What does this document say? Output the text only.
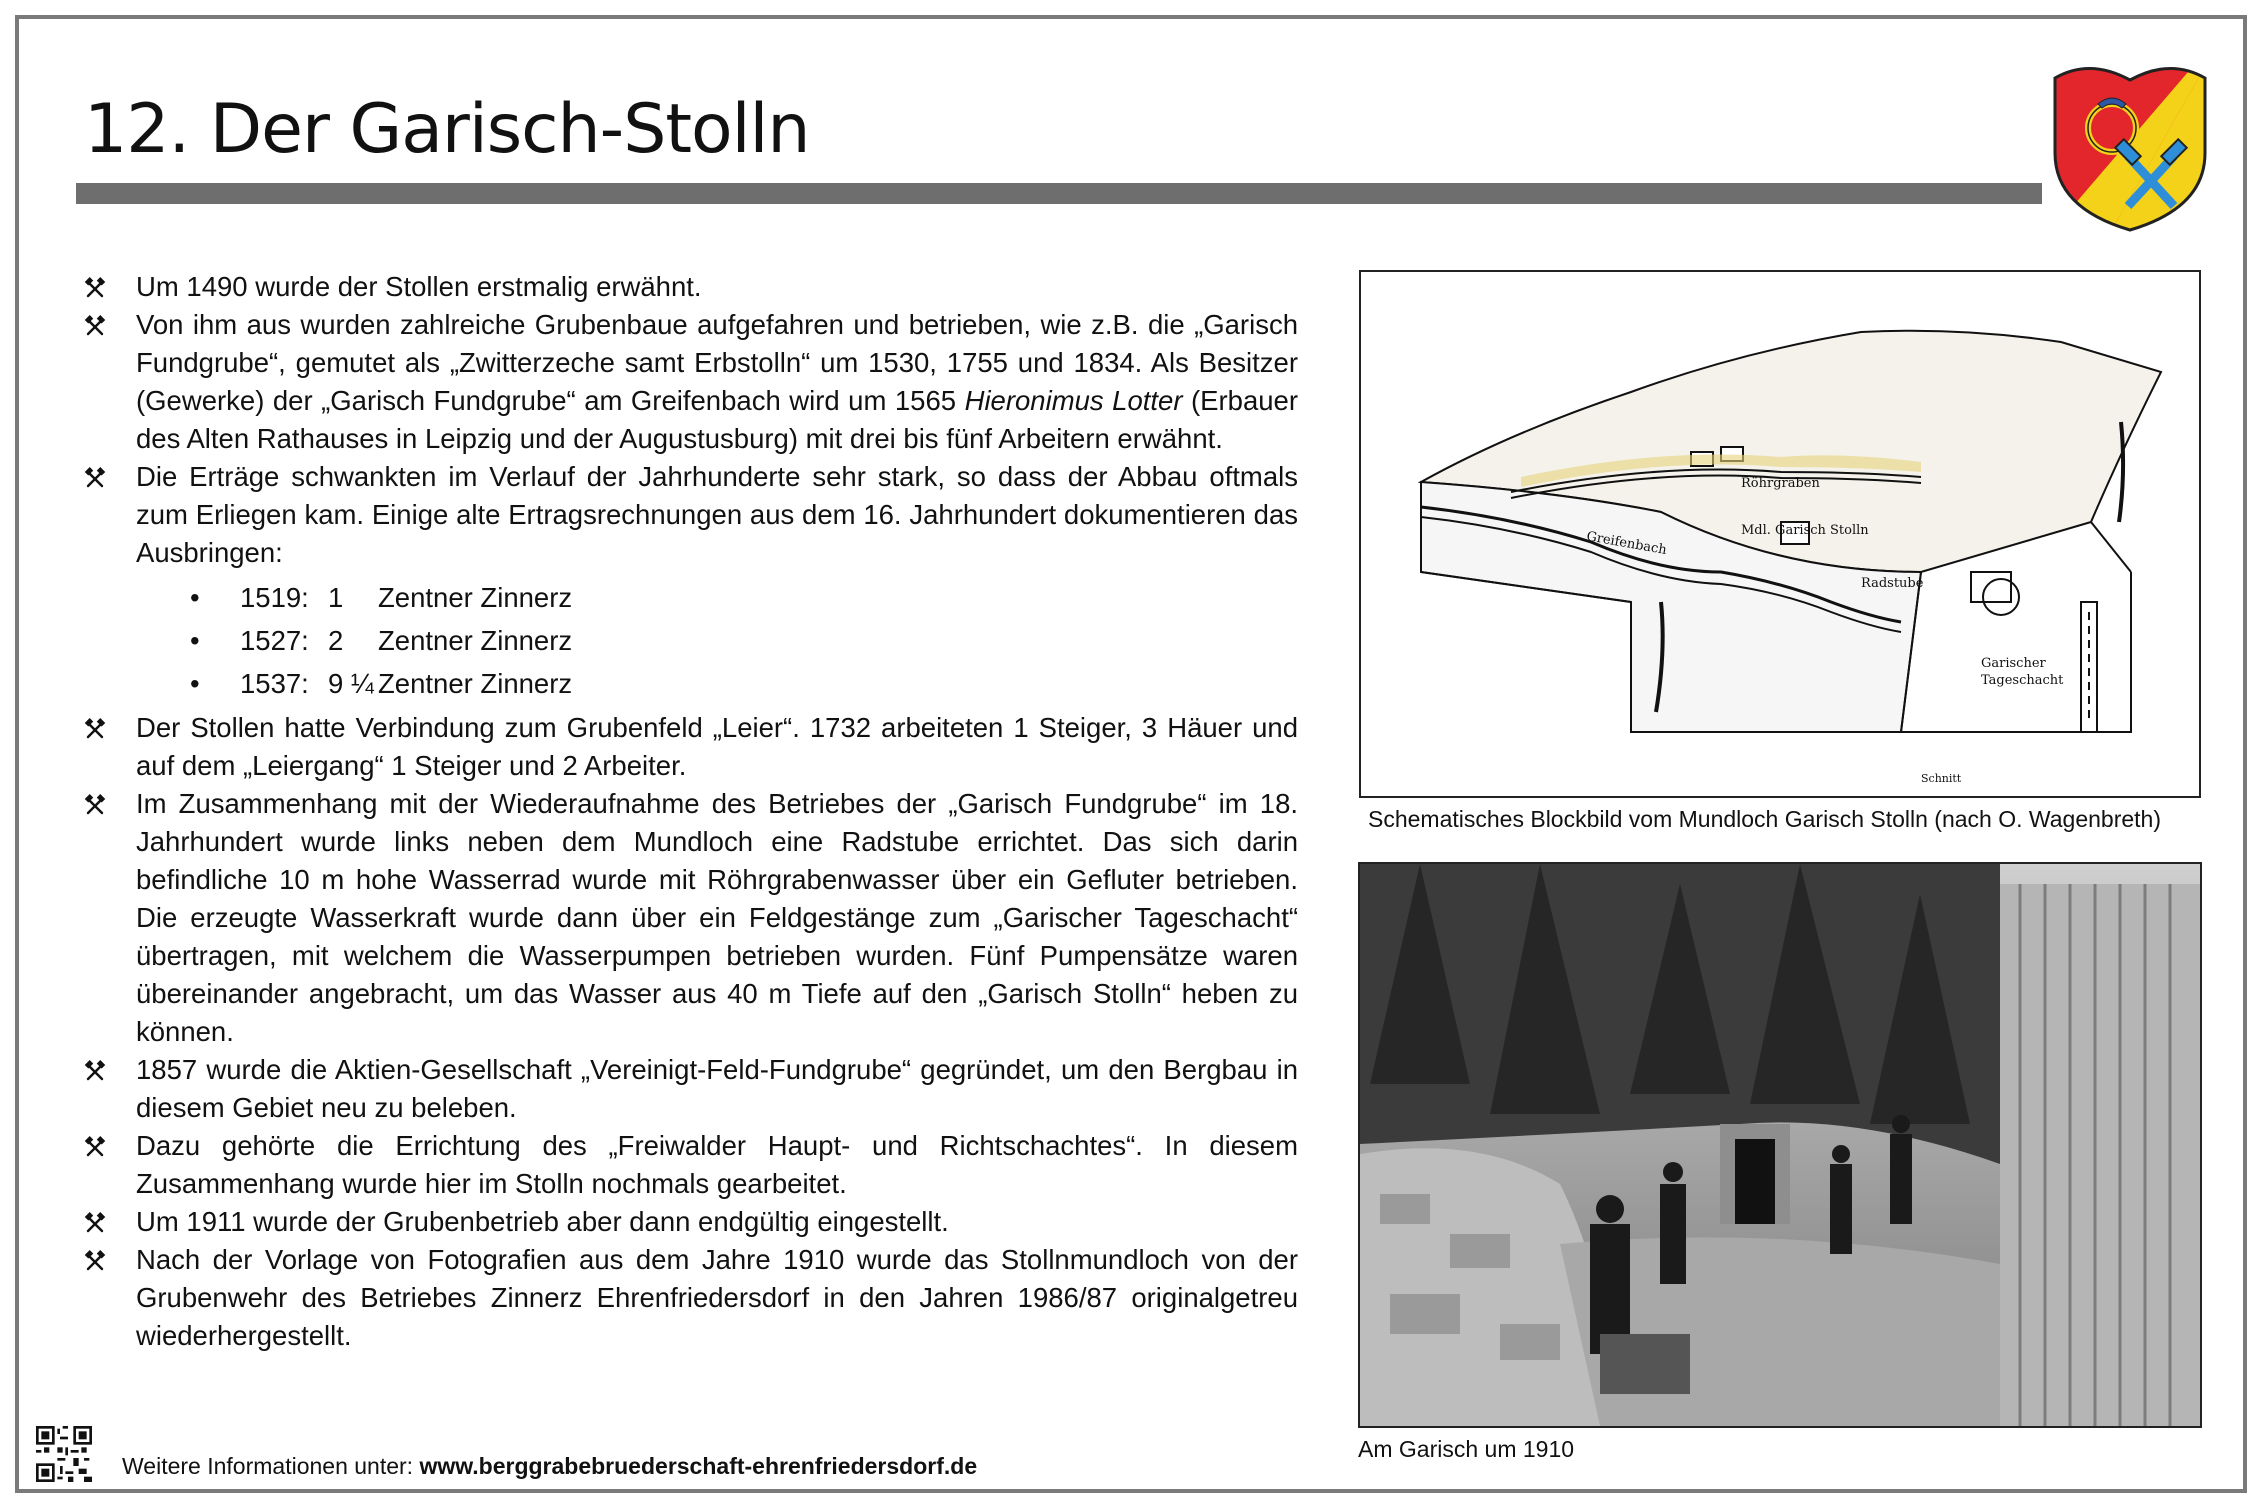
12. Der Garisch-Stolln
Um 1490 wurde der Stollen erstmalig erwähnt.
Von ihm aus wurden zahlreiche Grubenbaue aufgefahren und betrieben, wie z.B. die „Garisch Fundgrube“, gemutet als „Zwitterzeche samt Erbstolln“ um 1530, 1755 und 1834. Als Besitzer (Gewerke) der „Garisch Fundgrube“ am Greifenbach wird um 1565 Hieronimus Lotter (Erbauer des Alten Rathauses in Leipzig und der Augustusburg) mit drei bis fünf Arbeitern erwähnt.
Die Erträge schwankten im Verlauf der Jahrhunderte sehr stark, so dass der Abbau oftmals zum Erliegen kam. Einige alte Ertragsrechnungen aus dem 16. Jahrhundert dokumentieren das Ausbringen:
• 1519: 1 Zentner Zinnerz
• 1527: 2 Zentner Zinnerz
• 1537: 9 ¼ Zentner Zinnerz
Der Stollen hatte Verbindung zum Grubenfeld „Leier“. 1732 arbeiteten 1 Steiger, 3 Häuer und auf dem „Leiergang“ 1 Steiger und 2 Arbeiter.
Im Zusammenhang mit der Wiederaufnahme des Betriebes der „Garisch Fundgrube“ im 18. Jahrhundert wurde links neben dem Mundloch eine Radstube errichtet. Das sich darin befindliche 10 m hohe Wasserrad wurde mit Röhrgrabenwasser über ein Gefluter betrieben. Die erzeugte Wasserkraft wurde dann über ein Feldgestänge zum „Garischer Tageschacht“ übertragen, mit welchem die Wasserpumpen betrieben wurden. Fünf Pumpensätze waren übereinander angebracht, um das Wasser aus 40 m Tiefe auf den „Garisch Stolln“ heben zu können.
1857 wurde die Aktien-Gesellschaft „Vereinigt-Feld-Fundgrube“ gegründet, um den Bergbau in diesem Gebiet neu zu beleben.
Dazu gehörte die Errichtung des „Freiwalder Haupt- und Richtschachtes“. In diesem Zusammenhang wurde hier im Stolln nochmals gearbeitet.
Um 1911 wurde der Grubenbetrieb aber dann endgültig eingestellt.
Nach der Vorlage von Fotografien aus dem Jahre 1910 wurde das Stollnmundloch von der Grubenwehr des Betriebes Zinnerz Ehrenfriedersdorf in den Jahren 1986/87 originalgetreu wiederhergestellt.
Röhrgraben
Greifenbach	Mdl. Garisch Stolln
Radstube
Garischer
Tageschacht
Schnitt
Schematisches Blockbild vom Mundloch Garisch Stolln (nach O. Wagenbreth)
Am Garisch um 1910
Weitere Informationen unter: www.berggrabebruederschaft-ehrenfriedersdorf.de
